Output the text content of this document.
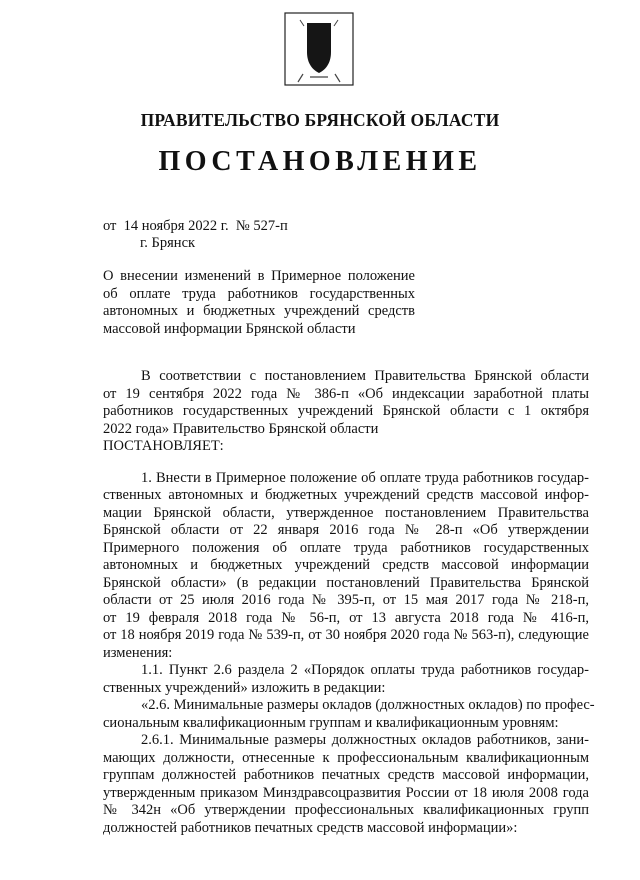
ПРАВИТЕЛЬСТВО БРЯНСКОЙ ОБЛАСТИ
ПОСТАНОВЛЕНИЕ
от  14 ноября 2022 г.  № 527-п
г. Брянск
О внесении изменений в Примерное положение
об оплате труда работников государственных
автономных и бюджетных учреждений средств
массовой информации Брянской области
В соответствии с постановлением Правительства Брянской области
от 19 сентября 2022 года № 386-п «Об индексации заработной платы
работников государственных учреждений Брянской области с 1 октября
2022 года» Правительство Брянской области
ПОСТАНОВЛЯЕТ:
1. Внести в Примерное положение об оплате труда работников государ-
ственных автономных и бюджетных учреждений средств массовой инфор-
мации Брянской области, утвержденное постановлением Правительства
Брянской области от 22 января 2016 года № 28-п «Об утверждении
Примерного положения об оплате труда работников государственных
автономных и бюджетных учреждений средств массовой информации
Брянской области» (в редакции постановлений Правительства Брянской
области от 25 июля 2016 года № 395-п, от 15 мая 2017 года № 218-п,
от 19 февраля 2018 года № 56-п, от 13 августа 2018 года № 416-п,
от 18 ноября 2019 года № 539-п, от 30 ноября 2020 года № 563-п), следующие
изменения:
1.1. Пункт 2.6 раздела 2 «Порядок оплаты труда работников государ-
ственных учреждений» изложить в редакции:
«2.6. Минимальные размеры окладов (должностных окладов) по профес-
сиональным квалификационным группам и квалификационным уровням:
2.6.1. Минимальные размеры должностных окладов работников, зани-
мающих должности, отнесенные к профессиональным квалификационным
группам должностей работников печатных средств массовой информации,
утвержденным приказом Минздравсоцразвития России от 18 июля 2008 года
№ 342н «Об утверждении профессиональных квалификационных групп
должностей работников печатных средств массовой информации»:
